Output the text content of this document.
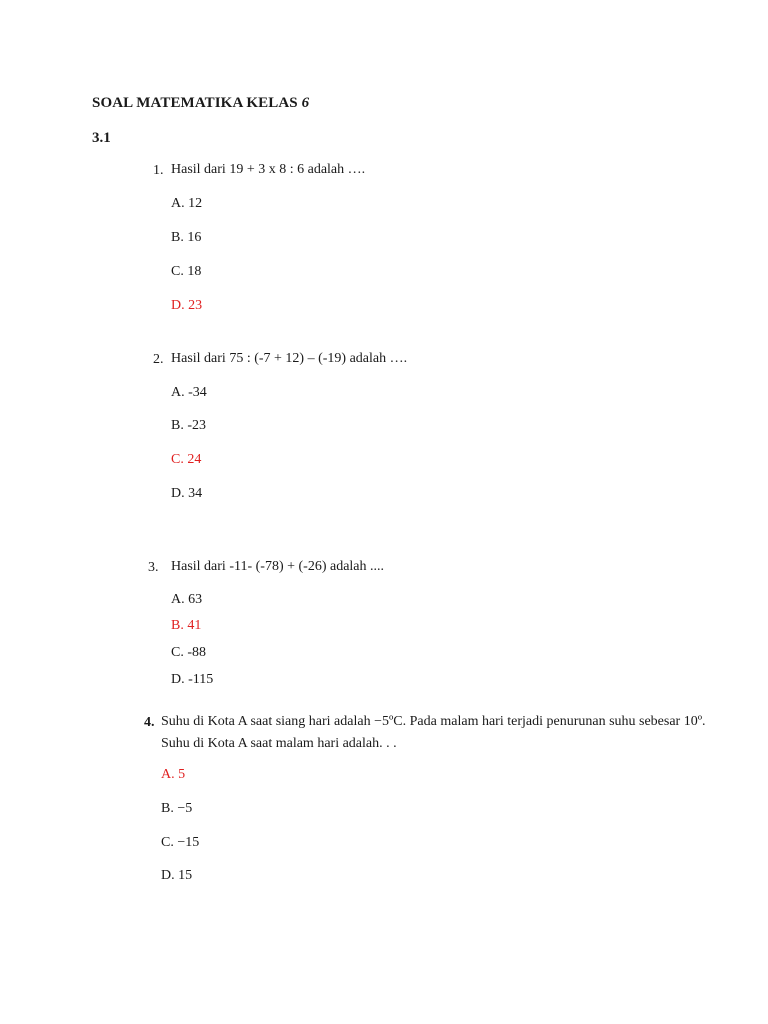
SOAL MATEMATIKA KELAS 6
3.1
1. Hasil dari 19 + 3 x 8 : 6 adalah ….
A. 12
B. 16
C. 18
D. 23
2. Hasil dari 75 : (-7 + 12) – (-19) adalah ….
A. -34
B. -23
C. 24
D. 34
3. Hasil dari -11- (-78) + (-26) adalah ....
A. 63
B. 41
C. -88
D. -115
4. Suhu di Kota A saat siang hari adalah −5ºC. Pada malam hari terjadi penurunan suhu sebesar 10º. Suhu di Kota A saat malam hari adalah. . .
A. 5
B. −5
C. −15
D. 15
